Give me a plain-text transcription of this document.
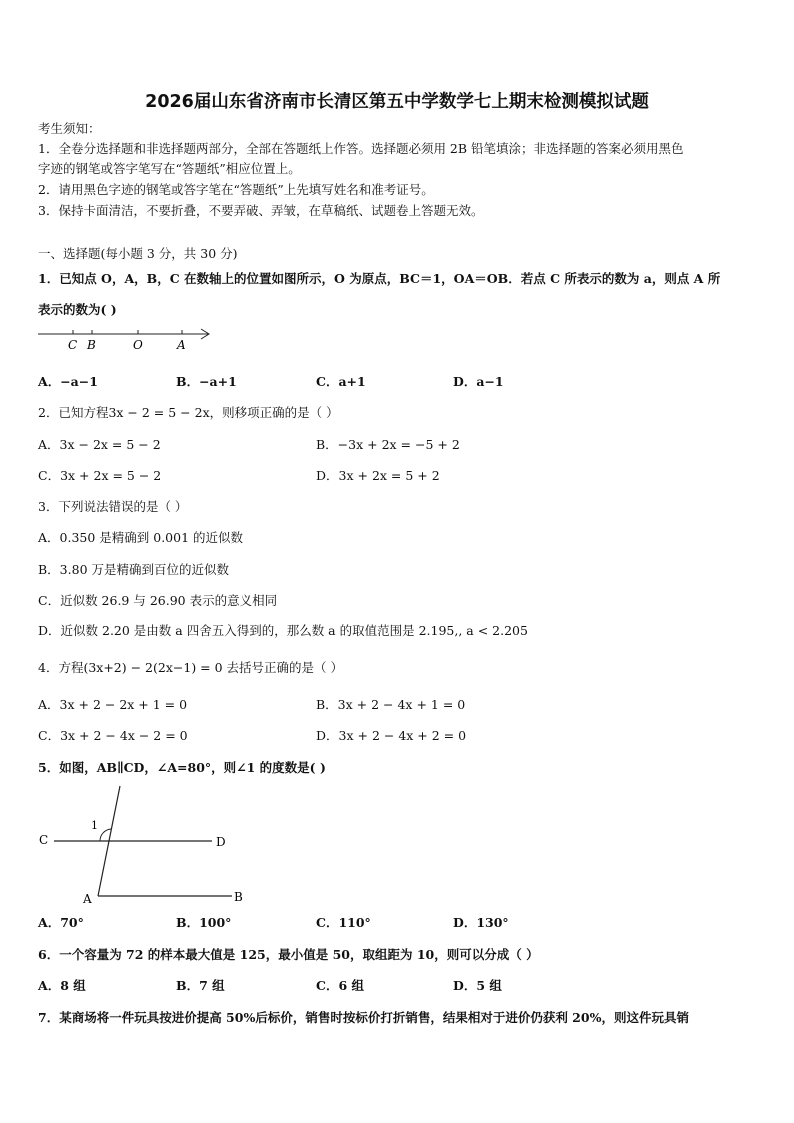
2026届山东省济南市长清区第五中学数学七上期末检测模拟试题
考生须知：
1．全卷分选择题和非选择题两部分，全部在答题纸上作答。选择题必须用 2B 铅笔填涂；非选择题的答案必须用黑色
字迹的钢笔或答字笔写在“答题纸”相应位置上。
2．请用黑色字迹的钢笔或答字笔在“答题纸”上先填写姓名和准考证号。
3．保持卡面清洁，不要折叠，不要弄破、弄皱，在草稿纸、试题卷上答题无效。
一、选择题(每小题 3 分，共 30 分)
1．已知点 O，A，B，C 在数轴上的位置如图所示，O 为原点，BC＝1，OA＝OB．若点 C 所表示的数为 a，则点 A 所
表示的数为( )
C B	O	A
A．−a−1	B．−a+1	C．a+1	D．a−1
2．已知方程3x − 2 = 5 − 2x，则移项正确的是（ ）
A．3x − 2x = 5 − 2	B．−3x + 2x = −5 + 2
C．3x + 2x = 5 − 2	D．3x + 2x = 5 + 2
3．下列说法错误的是（ ）
A．0.350 是精确到 0.001 的近似数
B．3.80 万是精确到百位的近似数
C．近似数 26.9 与 26.90 表示的意义相同
D．近似数 2.20 是由数 a 四舍五入得到的，那么数 a 的取值范围是 2.195,, a < 2.205
4．方程(3x+2) − 2(2x−1) = 0 去括号正确的是（ ）
A．3x + 2 − 2x + 1 = 0	B．3x + 2 − 4x + 1 = 0
C．3x + 2 − 4x − 2 = 0	D．3x + 2 − 4x + 2 = 0
5．如图，AB∥CD，∠A=80°，则∠1 的度数是( )
C	D
A	B
1
A．70°	B．100°	C．110°	D．130°
6．一个容量为 72 的样本最大值是 125，最小值是 50，取组距为 10，则可以分成（ ）
A．8 组	B．7 组	C．6 组	D．5 组
7．某商场将一件玩具按进价提高 50%后标价，销售时按标价打折销售，结果相对于进价仍获利 20%，则这件玩具销
